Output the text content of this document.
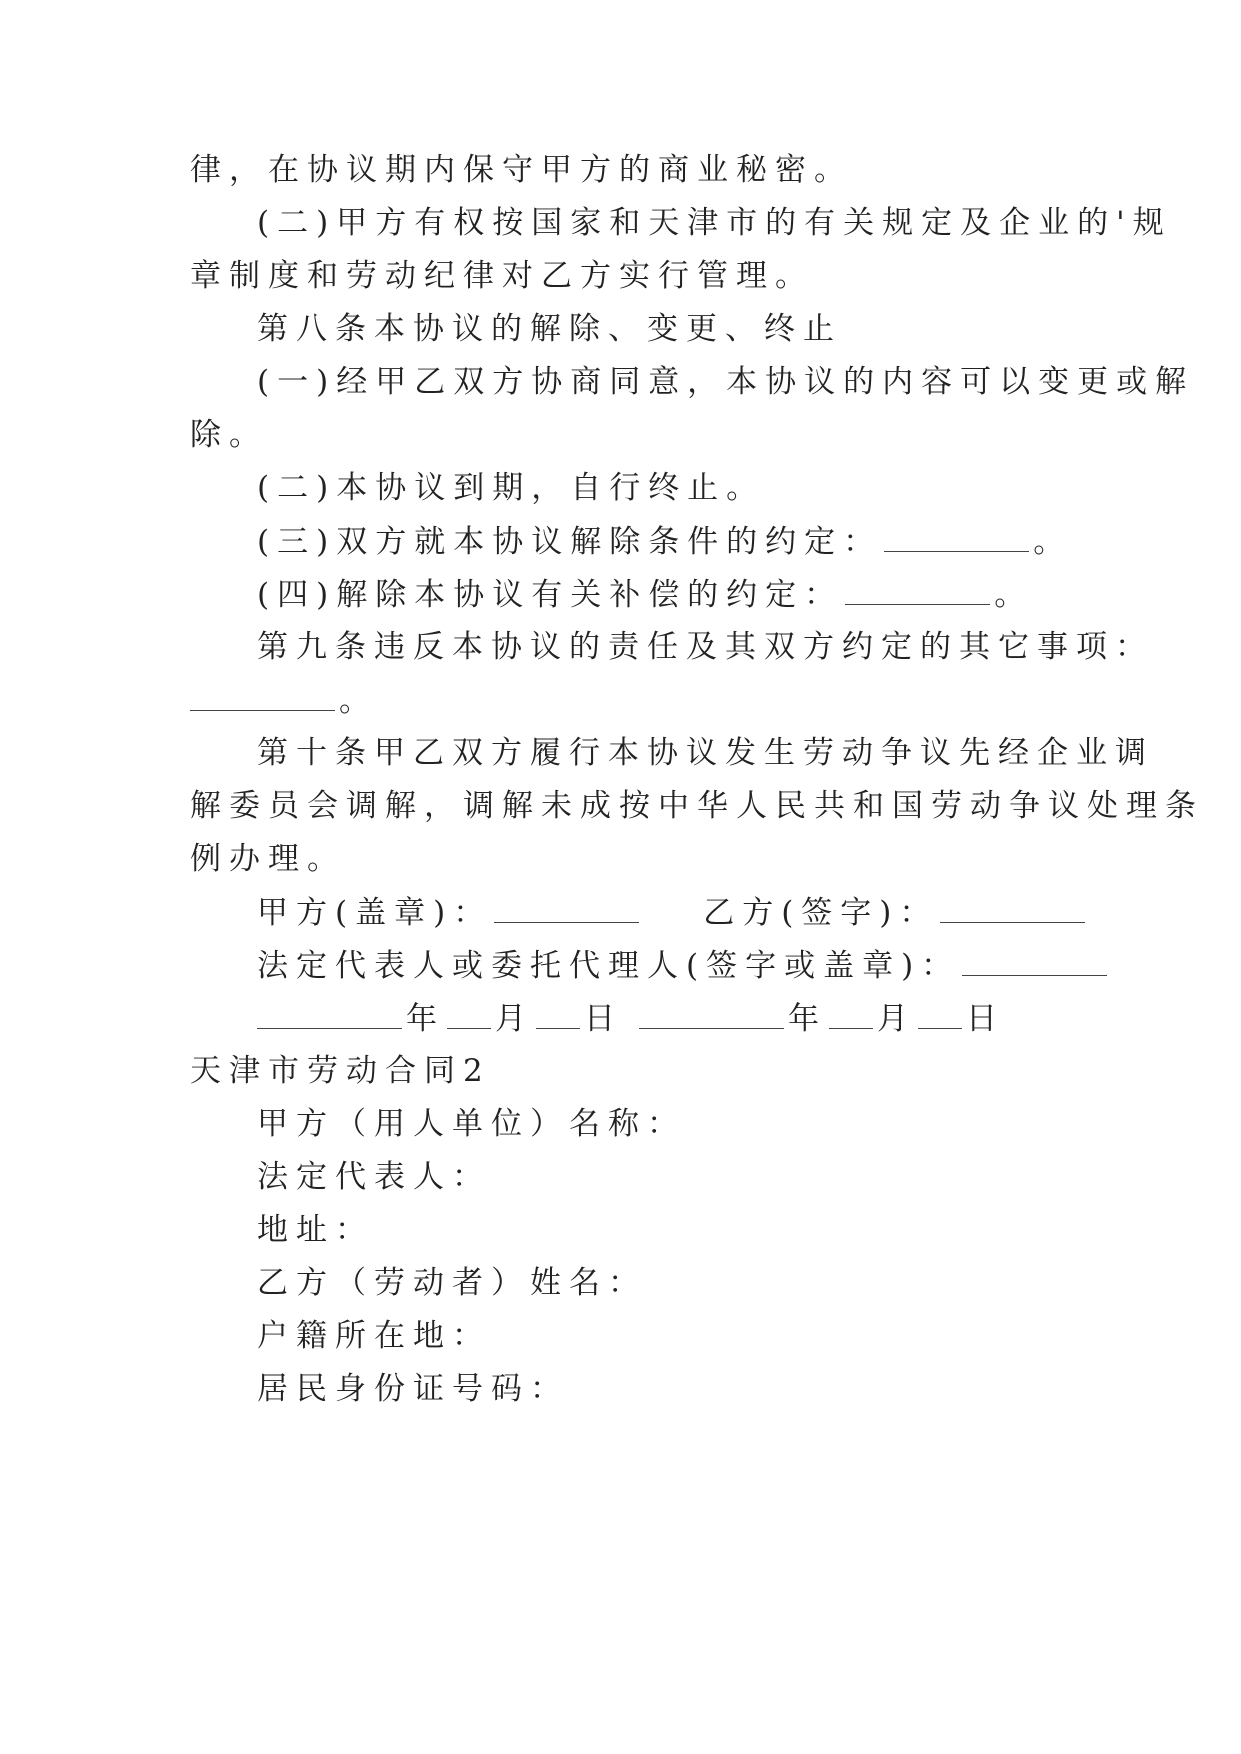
律，在协议期内保守甲方的商业秘密。
(二)甲方有权按国家和天津市的有关规定及企业的'规
章制度和劳动纪律对乙方实行管理。
第八条本协议的解除、变更、终止
(一)经甲乙双方协商同意，本协议的内容可以变更或解
除。
(二)本协议到期，自行终止。
(三)双方就本协议解除条件的约定：	。
(四)解除本协议有关补偿的约定：	。
第九条违反本协议的责任及其双方约定的其它事项：
。
第十条甲乙双方履行本协议发生劳动争议先经企业调
解委员会调解，调解未成按中华人民共和国劳动争议处理条
例办理。
甲方(盖章)：	乙方(签字)：
法定代表人或委托代理人(签字或盖章)：
年 月 日	年 月 日
天津市劳动合同2
甲方（用人单位）名称：
法定代表人：
地址：
乙方（劳动者）姓名：
户籍所在地：
居民身份证号码：
